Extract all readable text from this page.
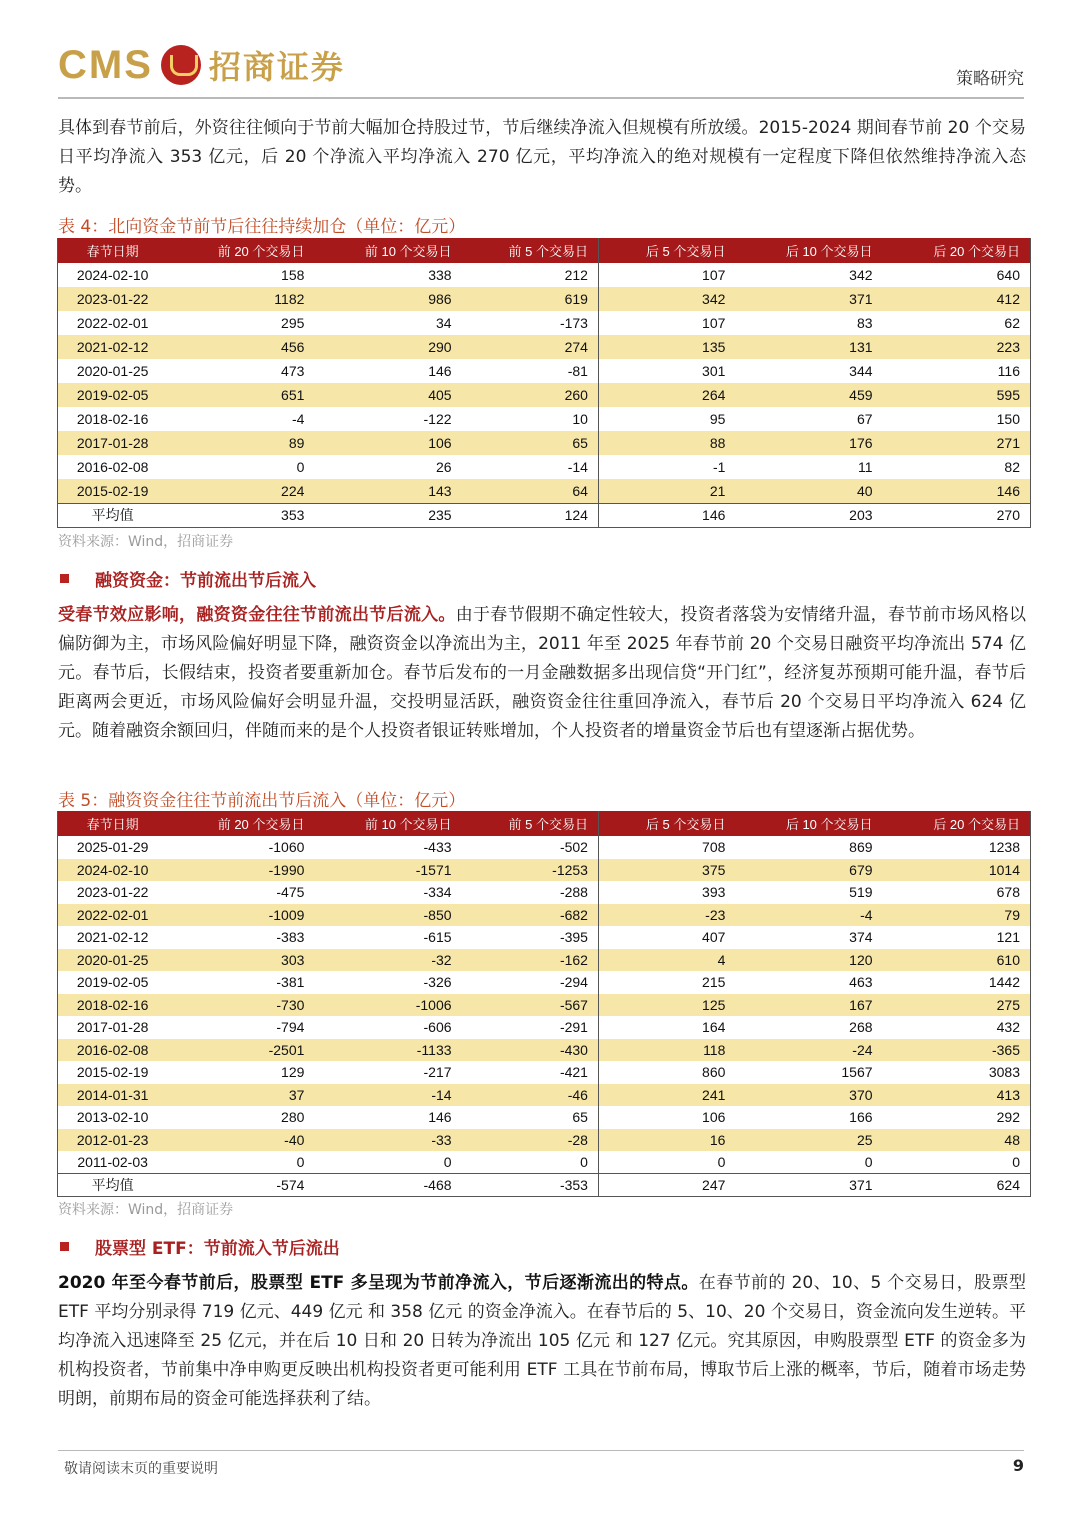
CMS 招商证券	策略研究
具体到春节前后，外资往往倾向于节前大幅加仓持股过节，节后继续净流入但规模有所放缓。2015-2024 期间春节前 20 个交易日平均净流入 353 亿元，后 20 个净流入平均净流入 270 亿元，平均净流入的绝对规模有一定程度下降但依然维持净流入态势。
表 4：北向资金节前节后往往持续加仓（单位：亿元）
春节日期	前 20 个交易日	前 10 个交易日	前 5 个交易日	后 5 个交易日	后 10 个交易日	后 20 个交易日
2024-02-10	158	338	212	107	342	640
2023-01-22	1182	986	619	342	371	412
2022-02-01	295	34	-173	107	83	62
2021-02-12	456	290	274	135	131	223
2020-01-25	473	146	-81	301	344	116
2019-02-05	651	405	260	264	459	595
2018-02-16	-4	-122	10	95	67	150
2017-01-28	89	106	65	88	176	271
2016-02-08	0	26	-14	-1	11	82
2015-02-19	224	143	64	21	40	146
平均值	353	235	124	146	203	270
资料来源：Wind，招商证券
融资资金：节前流出节后流入
受春节效应影响，融资资金往往节前流出节后流入。由于春节假期不确定性较大，投资者落袋为安情绪升温，春节前市场风格以偏防御为主，市场风险偏好明显下降，融资资金以净流出为主，2011 年至 2025 年春节前 20 个交易日融资平均净流出 574 亿元。春节后，长假结束，投资者要重新加仓。春节后发布的一月金融数据多出现信贷“开门红”，经济复苏预期可能升温，春节后距离两会更近，市场风险偏好会明显升温，交投明显活跃，融资资金往往重回净流入，春节后 20 个交易日平均净流入 624 亿元。随着融资余额回归，伴随而来的是个人投资者银证转账增加，个人投资者的增量资金节后也有望逐渐占据优势。
表 5：融资资金往往节前流出节后流入（单位：亿元）
春节日期	前 20 个交易日	前 10 个交易日	前 5 个交易日	后 5 个交易日	后 10 个交易日	后 20 个交易日
2025-01-29	-1060	-433	-502	708	869	1238
2024-02-10	-1990	-1571	-1253	375	679	1014
2023-01-22	-475	-334	-288	393	519	678
2022-02-01	-1009	-850	-682	-23	-4	79
2021-02-12	-383	-615	-395	407	374	121
2020-01-25	303	-32	-162	4	120	610
2019-02-05	-381	-326	-294	215	463	1442
2018-02-16	-730	-1006	-567	125	167	275
2017-01-28	-794	-606	-291	164	268	432
2016-02-08	-2501	-1133	-430	118	-24	-365
2015-02-19	129	-217	-421	860	1567	3083
2014-01-31	37	-14	-46	241	370	413
2013-02-10	280	146	65	106	166	292
2012-01-23	-40	-33	-28	16	25	48
2011-02-03	0	0	0	0	0	0
平均值	-574	-468	-353	247	371	624
资料来源：Wind，招商证券
股票型 ETF：节前流入节后流出
2020 年至今春节前后，股票型 ETF 多呈现为节前净流入，节后逐渐流出的特点。在春节前的 20、10、5 个交易日，股票型 ETF 平均分别录得 719 亿元、449 亿元 和 358 亿元 的资金净流入。在春节后的 5、10、20 个交易日，资金流向发生逆转。平均净流入迅速降至 25 亿元，并在后 10 日和 20 日转为净流出 105 亿元 和 127 亿元。究其原因，申购股票型 ETF 的资金多为机构投资者，节前集中净申购更反映出机构投资者更可能利用 ETF 工具在节前布局，博取节后上涨的概率，节后，随着市场走势明朗，前期布局的资金可能选择获利了结。
敬请阅读末页的重要说明	9
